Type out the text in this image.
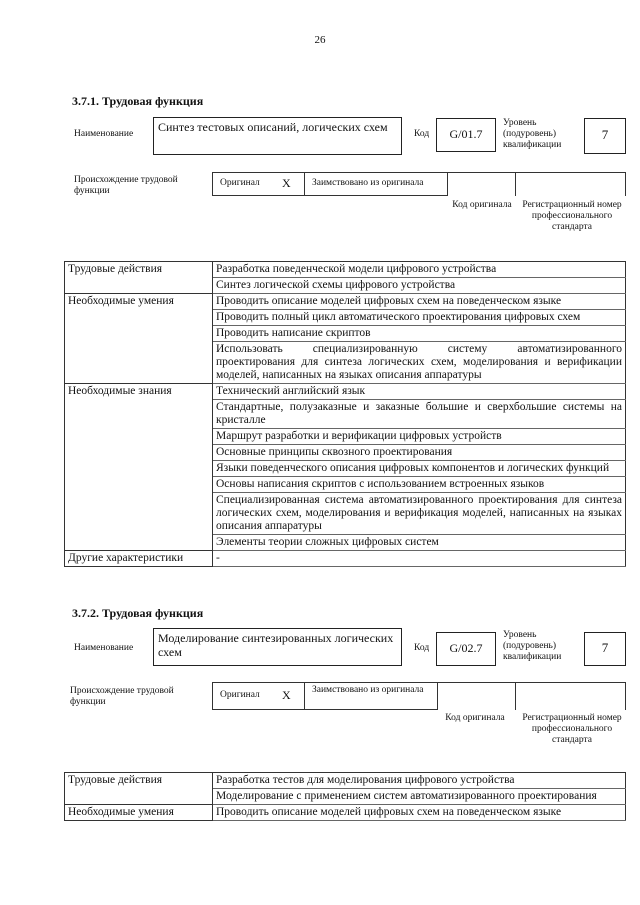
26
3.7.1. Трудовая функция
Наименование	Синтез тестовых описаний, логических схем	Код	G/01.7
Уровень (подуровень) квалификации
7
Происхождение трудовой функции
Оригинал X	Заимствовано из оригинала
Код оригинала	Регистрационный номер профессионального стандарта
Трудовые действия	Разработка поведенческой модели цифрового устройства
	Синтез логической схемы цифрового устройства
Необходимые умения	Проводить описание моделей цифровых схем на поведенческом языке
	Проводить полный цикл автоматического проектирования цифровых схем
	Проводить написание скриптов
	Использовать специализированную систему автоматизированного проектирования для синтеза логических схем, моделирования и верификации моделей, написанных на языках описания аппаратуры
Необходимые знания	Технический английский язык
	Стандартные, полузаказные и заказные большие и сверхбольшие системы на кристалле
	Маршрут разработки и верификации цифровых устройств
	Основные принципы сквозного проектирования
	Языки поведенческого описания цифровых компонентов и логических функций
	Основы написания скриптов с использованием встроенных языков
	Специализированная система автоматизированного проектирования для синтеза логических схем, моделирования и верификация моделей, написанных на языках описания аппаратуры
	Элементы теории сложных цифровых систем
Другие характеристики	-
3.7.2. Трудовая функция
Наименование
Моделирование синтезированных логических схем	Код	G/02.7
Уровень (подуровень) квалификации
7
Происхождение трудовой функции
Оригинал X	Заимствовано из оригинала
Код оригинала	Регистрационный номер профессионального стандарта
Трудовые действия	Разработка тестов для моделирования цифрового устройства
	Моделирование с применением систем автоматизированного проектирования
Необходимые умения	Проводить описание моделей цифровых схем на поведенческом языке
